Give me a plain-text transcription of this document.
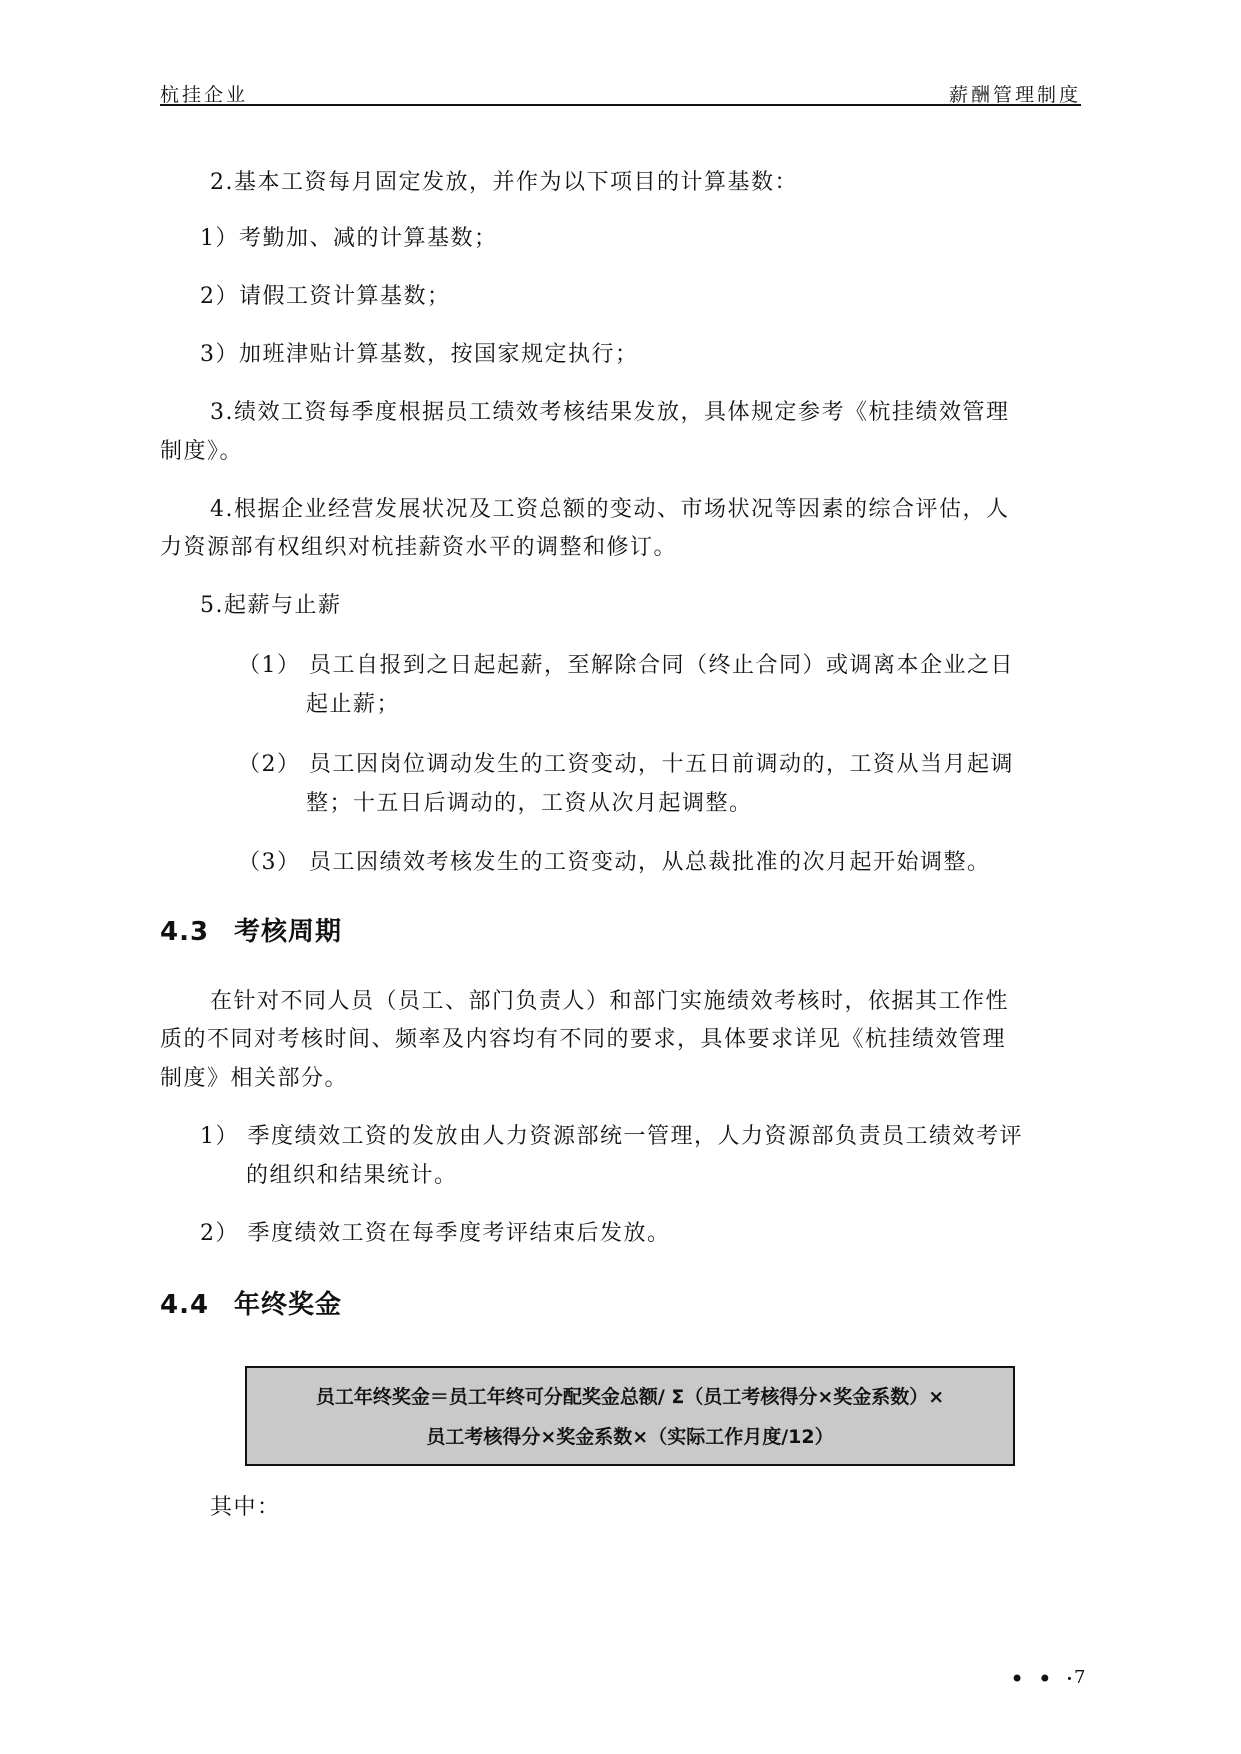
杭挂企业	薪酬管理制度
2.基本工资每月固定发放，并作为以下项目的计算基数：
1）考勤加、减的计算基数；
2）请假工资计算基数；
3）加班津贴计算基数，按国家规定执行；
3.绩效工资每季度根据员工绩效考核结果发放，具体规定参考《杭挂绩效管理
制度》。
4.根据企业经营发展状况及工资总额的变动、市场状况等因素的综合评估，人
力资源部有权组织对杭挂薪资水平的调整和修订。
5.起薪与止薪
（1） 员工自报到之日起起薪，至解除合同（终止合同）或调离本企业之日
起止薪；
（2） 员工因岗位调动发生的工资变动，十五日前调动的，工资从当月起调
整；十五日后调动的，工资从次月起调整。
（3） 员工因绩效考核发生的工资变动，从总裁批准的次月起开始调整。
4.3 考核周期
在针对不同人员（员工、部门负责人）和部门实施绩效考核时，依据其工作性
质的不同对考核时间、频率及内容均有不同的要求，具体要求详见《杭挂绩效管理
制度》相关部分。
1） 季度绩效工资的发放由人力资源部统一管理，人力资源部负责员工绩效考评
的组织和结果统计。
2） 季度绩效工资在每季度考评结束后发放。
4.4 年终奖金
员工年终奖金＝员工年终可分配奖金总额/ Σ（员工考核得分×奖金系数）×
员工考核得分×奖金系数×（实际工作月度/12）
其中：
• • ·
7
